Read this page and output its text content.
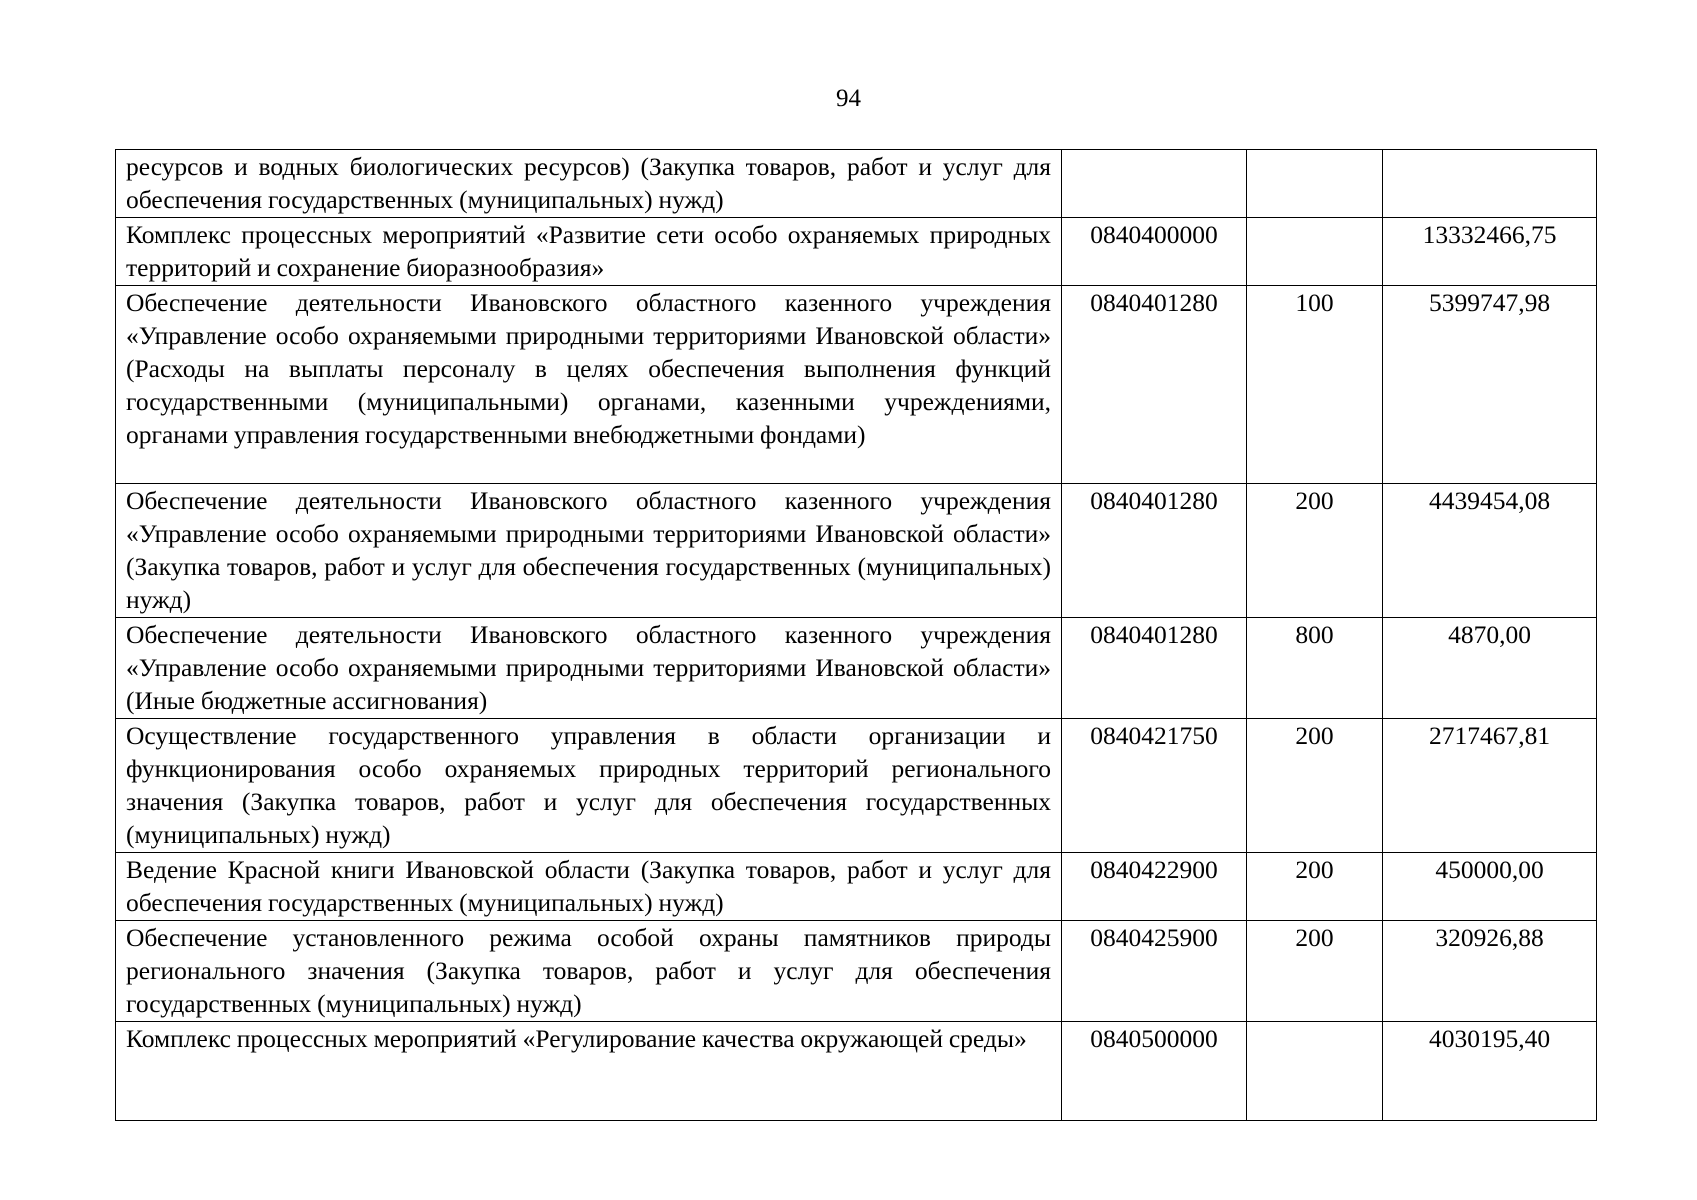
94
ресурсов и водных биологических ресурсов) (Закупка товаров, работ и услуг для обеспечения государственных (муниципальных) нужд)			
Комплекс процессных мероприятий «Развитие сети особо охраняемых природных территорий и сохранение биоразнообразия»	0840400000		13332466,75
Обеспечение деятельности Ивановского областного казенного учреждения «Управление особо охраняемыми природными территориями Ивановской области» (Расходы на выплаты персоналу в целях обеспечения выполнения функций государственными (муниципальными) органами, казенными учреждениями, органами управления государственными внебюджетными фондами)	0840401280	100	5399747,98
Обеспечение деятельности Ивановского областного казенного учреждения «Управление особо охраняемыми природными территориями Ивановской области» (Закупка товаров, работ и услуг для обеспечения государственных (муниципальных) нужд)	0840401280	200	4439454,08
Обеспечение деятельности Ивановского областного казенного учреждения «Управление особо охраняемыми природными территориями Ивановской области» (Иные бюджетные ассигнования)	0840401280	800	4870,00
Осуществление государственного управления в области организации и функционирования особо охраняемых природных территорий регионального значения (Закупка товаров, работ и услуг для обеспечения государственных (муниципальных) нужд)	0840421750	200	2717467,81
Ведение Красной книги Ивановской области (Закупка товаров, работ и услуг для обеспечения государственных (муниципальных) нужд)	0840422900	200	450000,00
Обеспечение установленного режима особой охраны памятников природы регионального значения (Закупка товаров, работ и услуг для обеспечения государственных (муниципальных) нужд)	0840425900	200	320926,88
Комплекс процессных мероприятий «Регулирование качества окружающей среды»	0840500000		4030195,40
